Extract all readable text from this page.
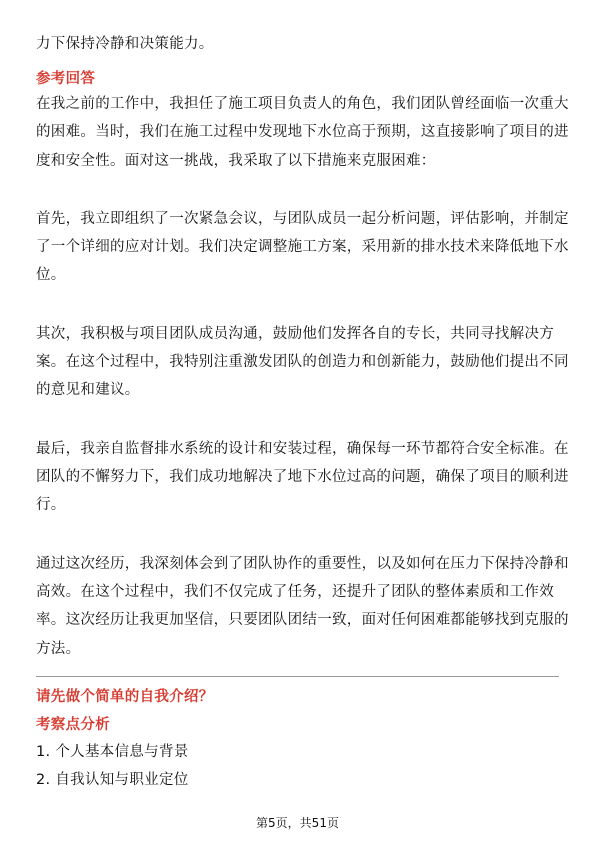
力下保持冷静和决策能力。
参考回答
在我之前的工作中，我担任了施工项目负责人的角色，我们团队曾经面临一次重大
的困难。当时，我们在施工过程中发现地下水位高于预期，这直接影响了项目的进
度和安全性。面对这一挑战，我采取了以下措施来克服困难：
首先，我立即组织了一次紧急会议，与团队成员一起分析问题，评估影响，并制定
了一个详细的应对计划。我们决定调整施工方案，采用新的排水技术来降低地下水
位。
其次，我积极与项目团队成员沟通，鼓励他们发挥各自的专长，共同寻找解决方
案。在这个过程中，我特别注重激发团队的创造力和创新能力，鼓励他们提出不同
的意见和建议。
最后，我亲自监督排水系统的设计和安装过程，确保每一环节都符合安全标准。在
团队的不懈努力下，我们成功地解决了地下水位过高的问题，确保了项目的顺利进
行。
通过这次经历，我深刻体会到了团队协作的重要性，以及如何在压力下保持冷静和
高效。在这个过程中，我们不仅完成了任务，还提升了团队的整体素质和工作效
率。这次经历让我更加坚信，只要团队团结一致，面对任何困难都能够找到克服的
方法。
请先做个简单的自我介绍？
考察点分析
1. 个人基本信息与背景
2. 自我认知与职业定位
第5页，共51页
